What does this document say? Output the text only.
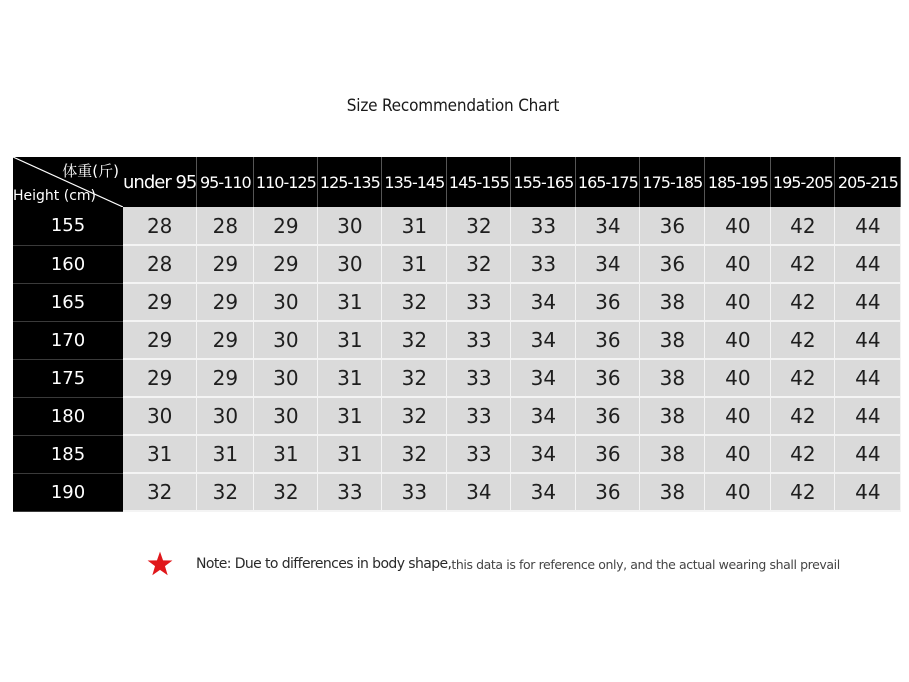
Size Recommendation Chart
体重(斤)
Height (cm)	under 95	95-110	110-125	125-135	135-145	145-155	155-165	165-175	175-185	185-195	195-205	205-215
155	28	28	29	30	31	32	33	34	36	40	42	44
160	28	29	29	30	31	32	33	34	36	40	42	44
165	29	29	30	31	32	33	34	36	38	40	42	44
170	29	29	30	31	32	33	34	36	38	40	42	44
175	29	29	30	31	32	33	34	36	38	40	42	44
180	30	30	30	31	32	33	34	36	38	40	42	44
185	31	31	31	31	32	33	34	36	38	40	42	44
190	32	32	32	33	33	34	34	36	38	40	42	44
Note: Due to differences in body shape, this data is for reference only, and the actual wearing shall prevail
